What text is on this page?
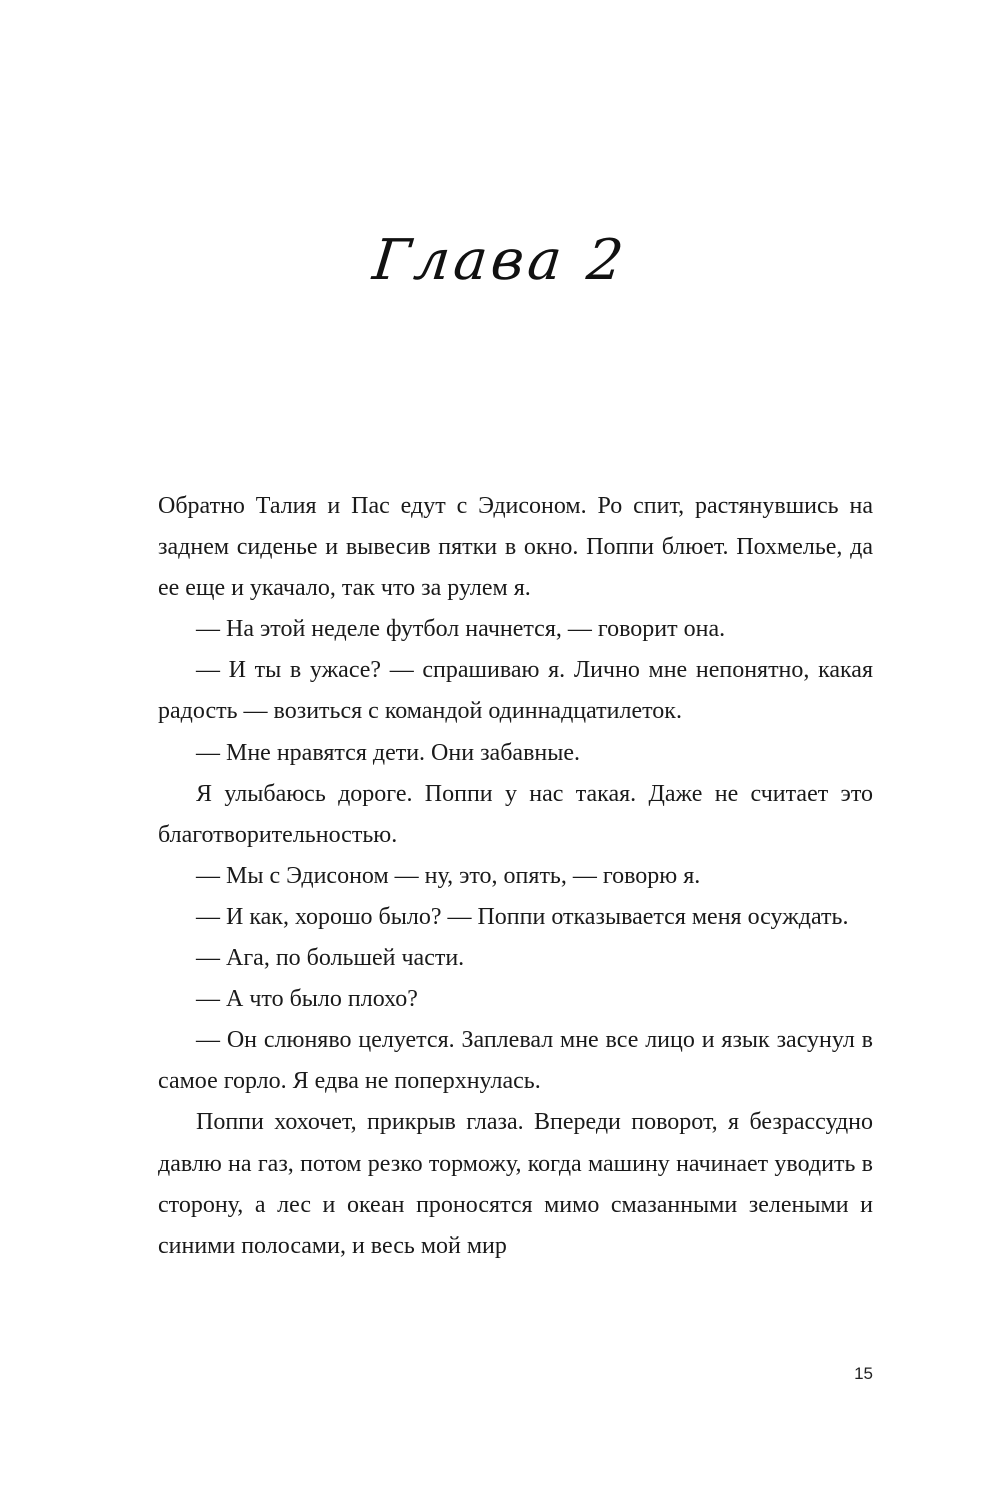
Глава 2

Обратно Талия и Пас едут с Эдисоном. Ро спит, растянувшись на заднем сиденье и вывесив пятки в окно. Поппи блюет. Похмелье, да ее еще и укачало, так что за рулем я.

— На этой неделе футбол начнется, — говорит она.

— И ты в ужасе? — спрашиваю я. Лично мне непонятно, какая радость — возиться с командой одиннадцатилеток.

— Мне нравятся дети. Они забавные.

Я улыбаюсь дороге. Поппи у нас такая. Даже не считает это благотворительностью.

— Мы с Эдисоном — ну, это, опять, — говорю я.

— И как, хорошо было? — Поппи отказывается меня осуждать.

— Ага, по большей части.

— А что было плохо?

— Он слюняво целуется. Заплевал мне все лицо и язык засунул в самое горло. Я едва не поперхнулась.

Поппи хохочет, прикрыв глаза. Впереди поворот, я безрассудно давлю на газ, потом резко торможу, когда машину начинает уводить в сторону, а лес и океан проносятся мимо смазанными зелеными и синими полосами, и весь мой мир

15
